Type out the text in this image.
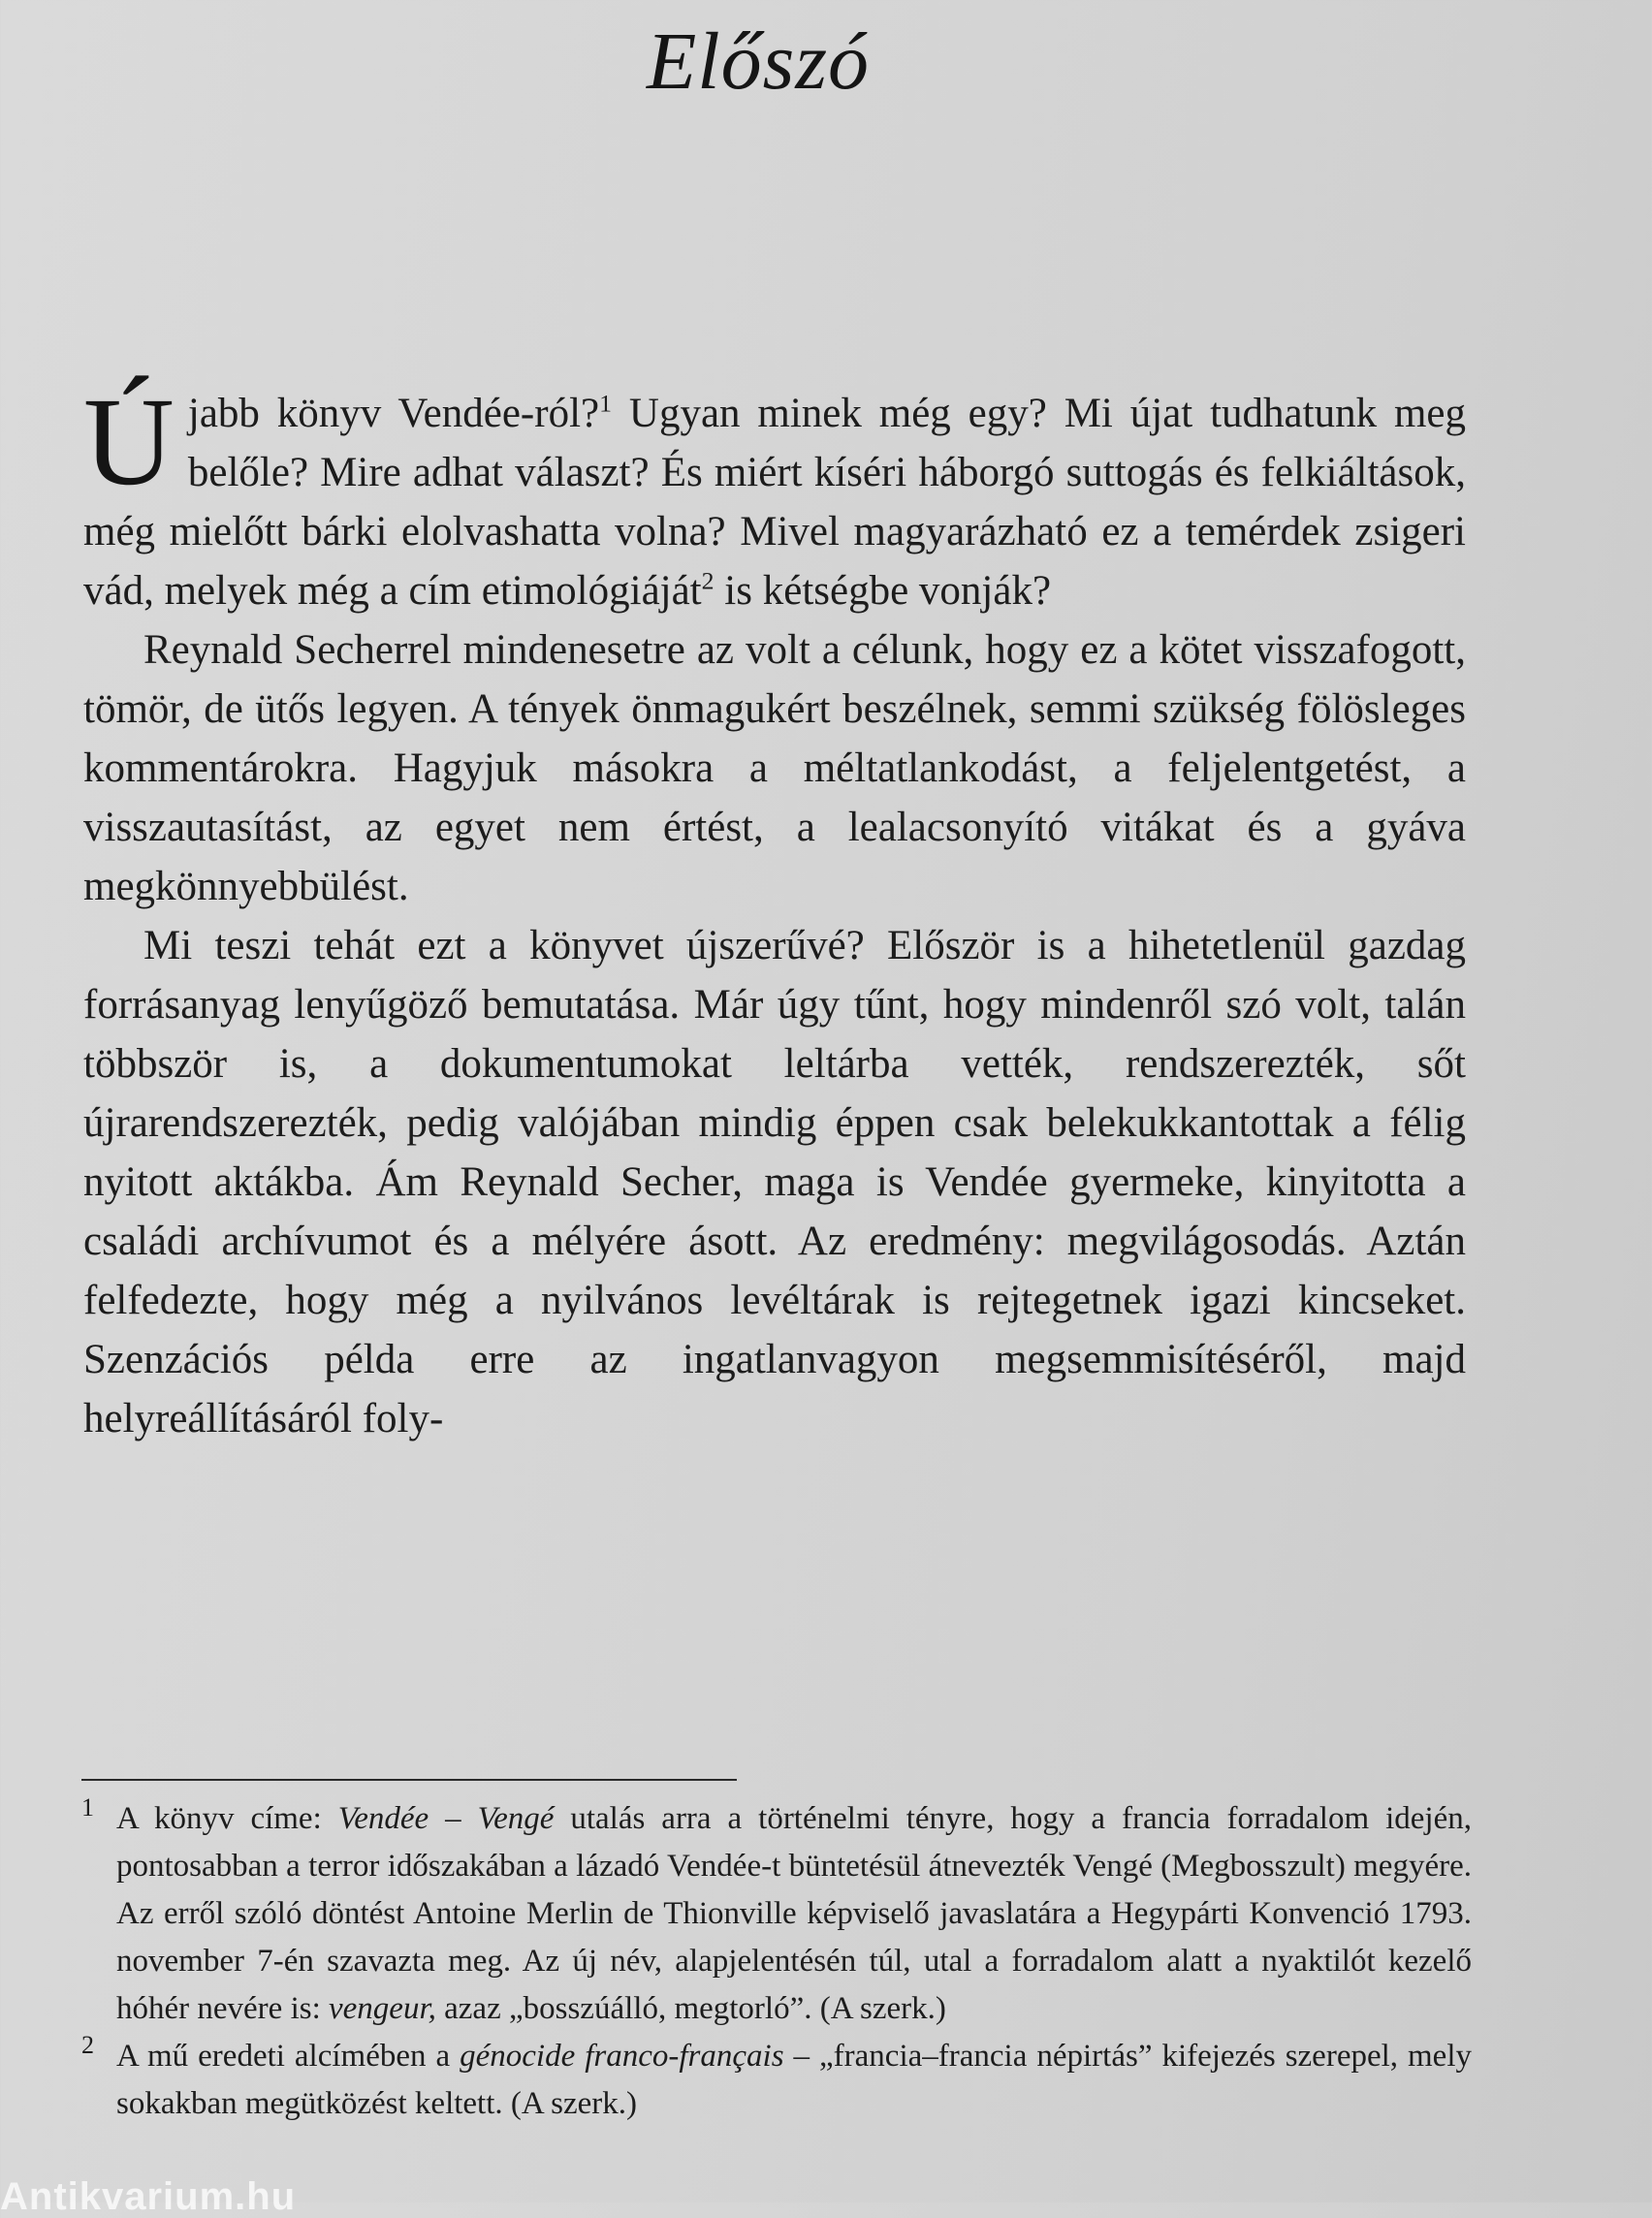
Előszó

Újabb könyv Vendée-ról?$^1$ Ugyan minek még egy? Mi újat tudhatunk meg belőle? Mire adhat választ? És miért kíséri háborgó suttogás és felkiáltások, még mielőtt bárki elolvashatta volna? Mivel magyarázható ez a temérdek zsigeri vád, melyek még a cím etimológiáját$^2$ is kétségbe vonják?

Reynald Secherrel mindenesetre az volt a célunk, hogy ez a kötet visszafogott, tömör, de ütős legyen. A tények önmagukért beszélnek, semmi szükség fölösleges kommentárokra. Hagyjuk másokra a méltatlankodást, a feljelentgetést, a visszautasítást, az egyet nem értést, a lealacsonyító vitákat és a gyáva megkönnyebbülést.

Mi teszi tehát ezt a könyvet újszerűvé? Először is a hihetetlenül gazdag forrásanyag lenyűgöző bemutatása. Már úgy tűnt, hogy mindenről szó volt, talán többször is, a dokumentumokat leltárba vették, rendszerezték, sőt újrarendszerezték, pedig valójában mindig éppen csak belekukkantottak a félig nyitott aktákba. Ám Reynald Secher, maga is Vendée gyermeke, kinyitotta a családi archívumot és a mélyére ásott. Az eredmény: megvilágosodás. Aztán felfedezte, hogy még a nyilvános levéltárak is rejtegetnek igazi kincseket. Szenzációs példa erre az ingatlanvagyon megsemmisítéséről, majd helyreállításáról foly-

1 A könyv címe: Vendée – Vengé utalás arra a történelmi tényre, hogy a francia forradalom idején, pontosabban a terror időszakában a lázadó Vendée-t büntetésül átnevezték Vengé (Megbosszult) megyére. Az erről szóló döntést Antoine Merlin de Thionville képviselő javaslatára a Hegypárti Konvenció 1793. november 7-én szavazta meg. Az új név, alapjelentésén túl, utal a forradalom alatt a nyaktilót kezelő hóhér nevére is: vengeur, azaz „bosszúálló, megtorló”. (A szerk.)

2 A mű eredeti alcímében a génocide franco-français – „francia–francia népirtás” kifejezés szerepel, mely sokakban megütközést keltett. (A szerk.)

Antikvarium.hu
